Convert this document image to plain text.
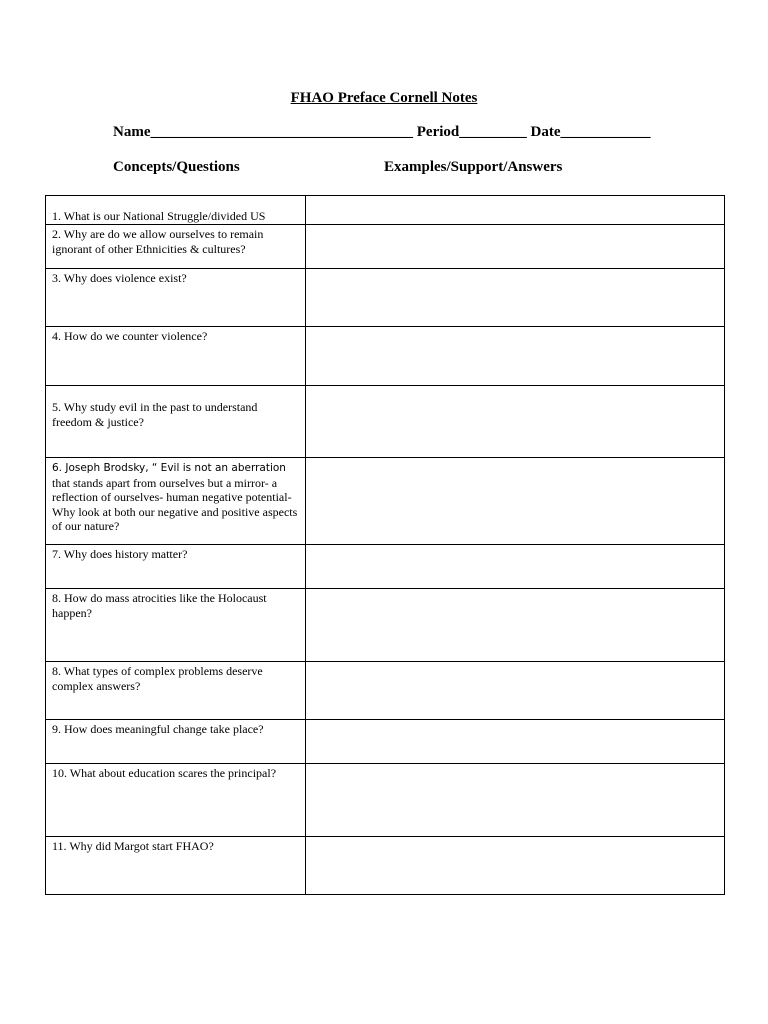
FHAO Preface Cornell Notes
Name___________________________________ Period_________ Date____________
Concepts/Questions	Examples/Support/Answers
1. What is our National Struggle/divided US	
2. Why are do we allow ourselves to remain ignorant of other Ethnicities & cultures?	
3. Why does violence exist?	
4. How do we counter violence?	
5. Why study evil in the past to understand freedom & justice?	
6. Joseph Brodsky, “ Evil is not an aberration
that stands apart from ourselves but a mirror- a reflection of ourselves- human negative potential- Why look at both our negative and positive aspects of our nature?	
7. Why does history matter?	
8. How do mass atrocities like the Holocaust happen?	
8. What types of complex problems deserve complex answers?	
9. How does meaningful change take place?	
10. What about education scares the principal?	
11. Why did Margot start FHAO?	
